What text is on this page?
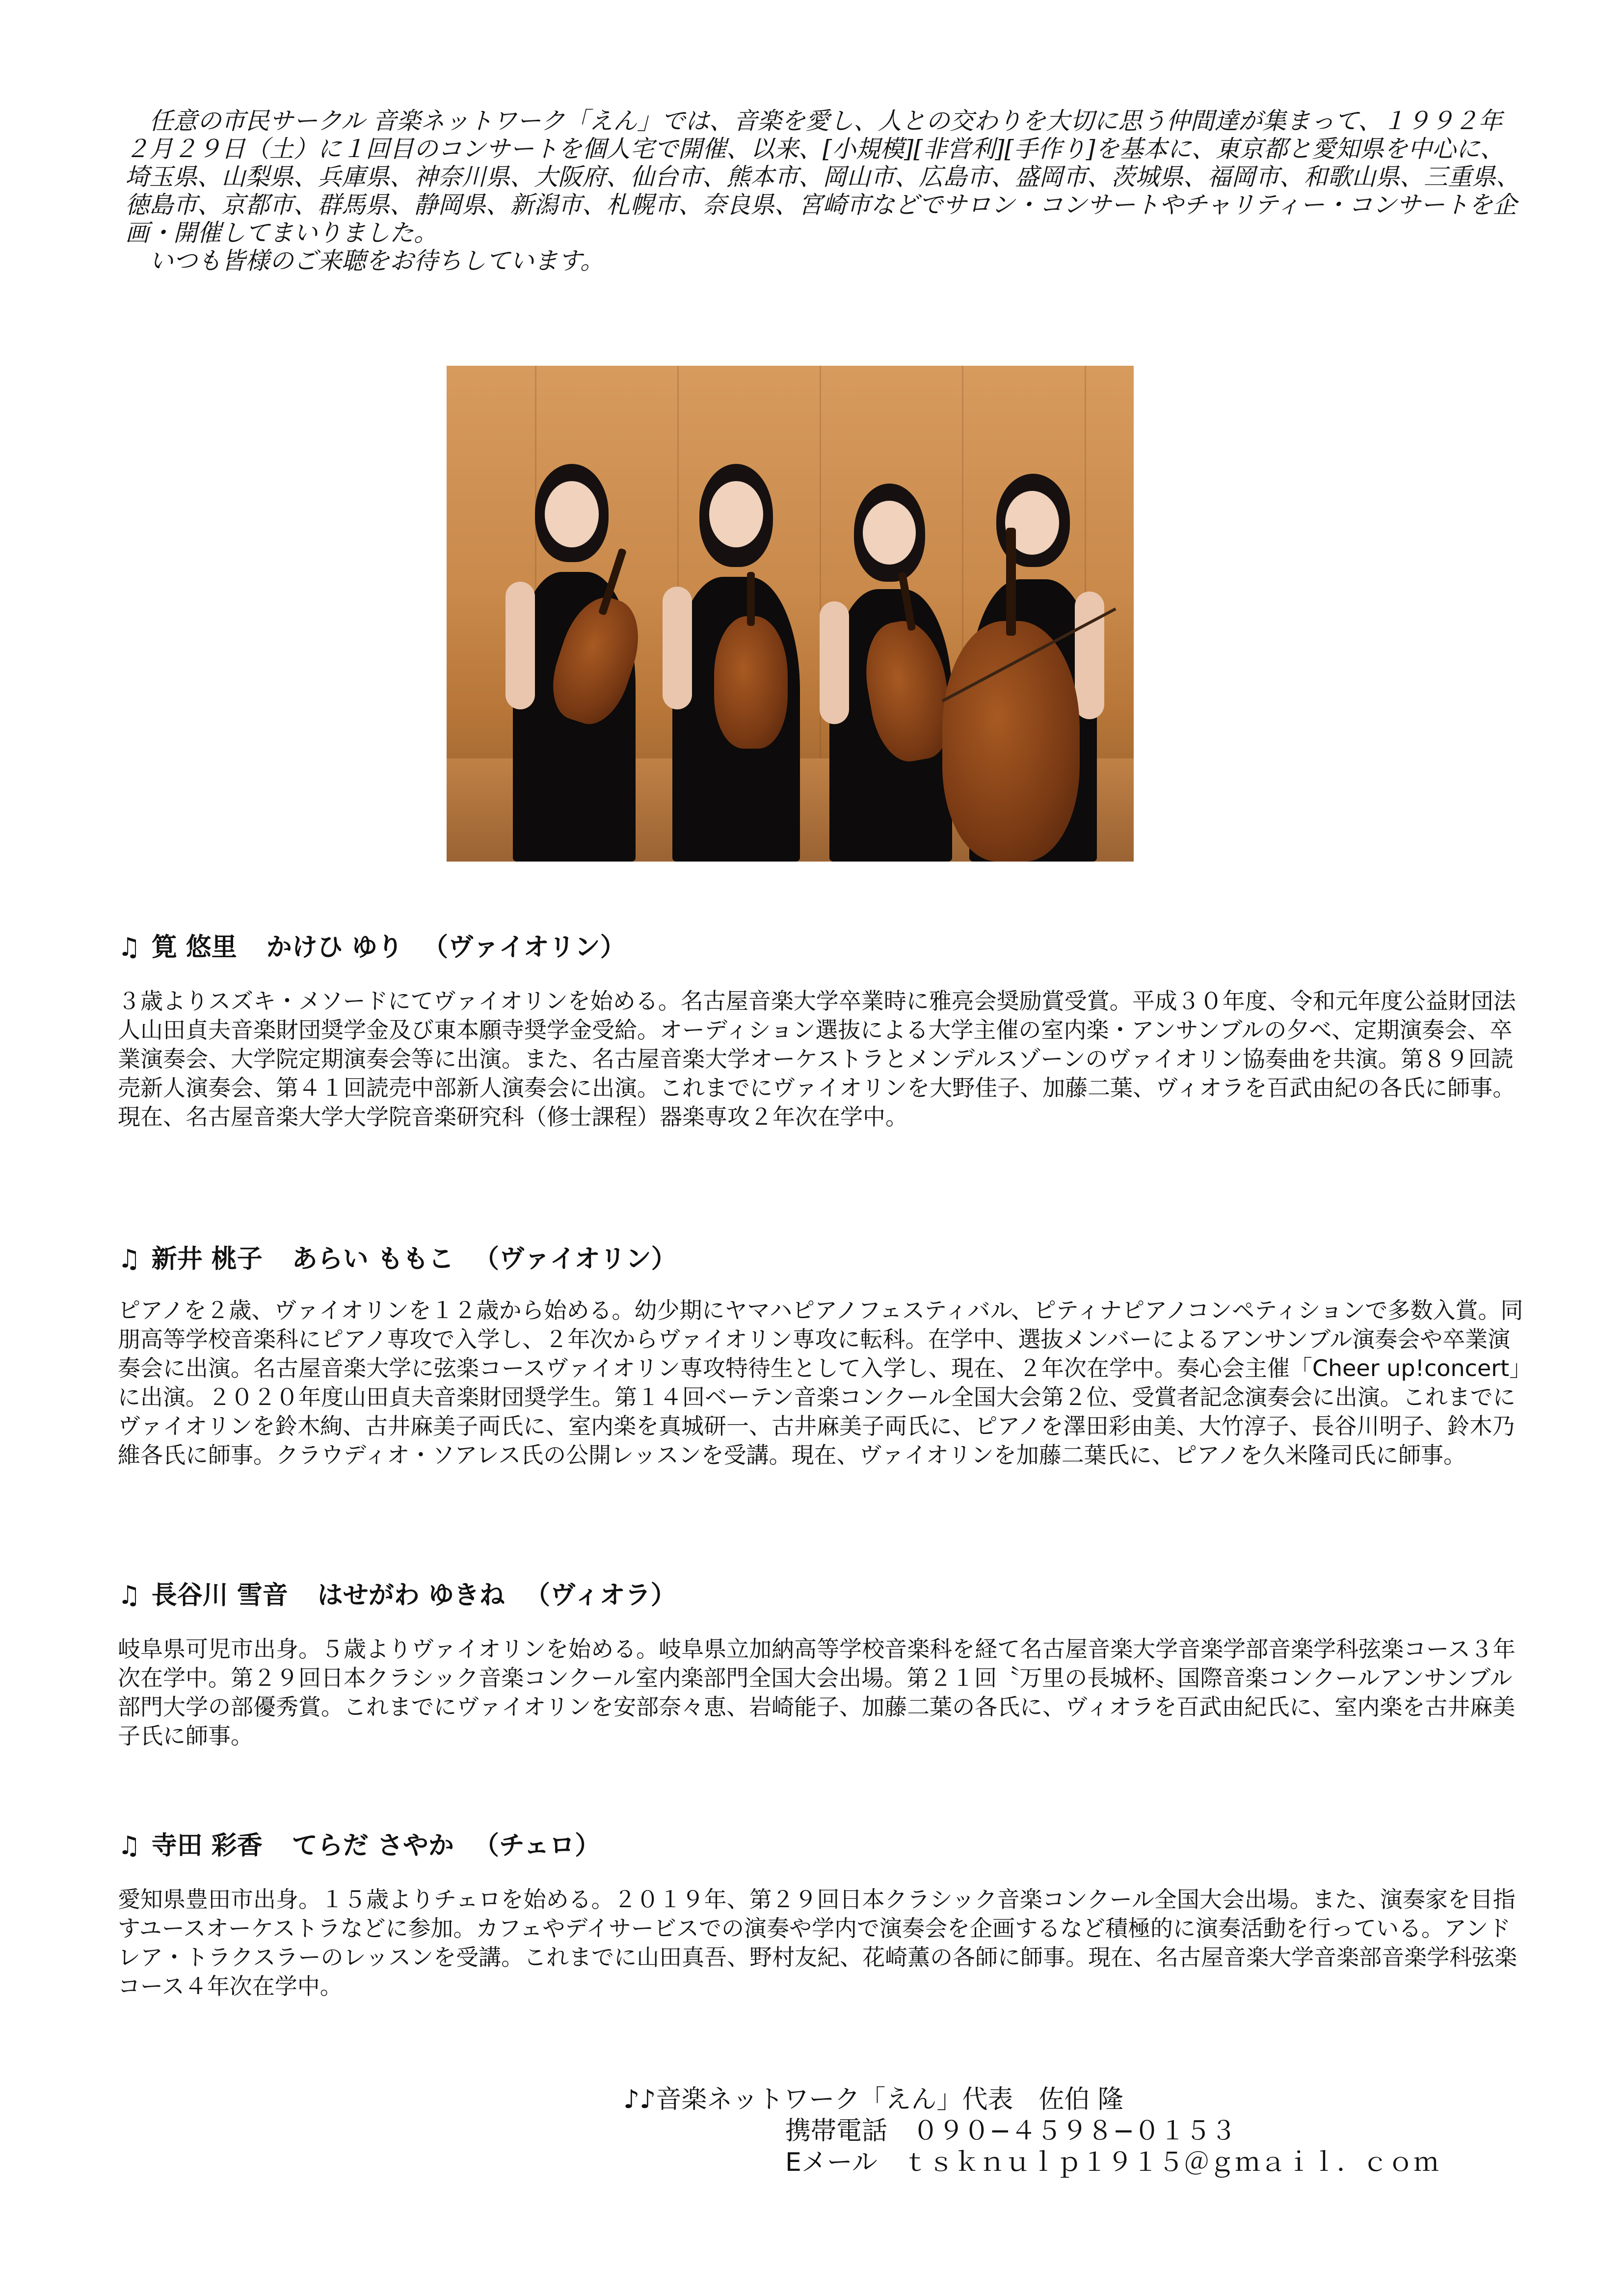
任意の市民サークル 音楽ネットワーク「えん」では、音楽を愛し、人との交わりを大切に思う仲間達が集まって、１９９２年２月２９日（土）に１回目のコンサートを個人宅で開催、以来、[小規模][非営利][手作り]を基本に、東京都と愛知県を中心に、埼玉県、山梨県、兵庫県、神奈川県、大阪府、仙台市、熊本市、岡山市、広島市、盛岡市、茨城県、福岡市、和歌山県、三重県、徳島市、京都市、群馬県、静岡県、新潟市、札幌市、奈良県、宮崎市などでサロン・コンサートやチャリティー・コンサートを企画・開催してまいりました。

いつも皆様のご来聴をお待ちしています。

♫ 筧 悠里 かけひ ゆり （ヴァイオリン）

３歳よりスズキ・メソードにてヴァイオリンを始める。名古屋音楽大学卒業時に雅亮会奨励賞受賞。平成３０年度、令和元年度公益財団法人山田貞夫音楽財団奨学金及び東本願寺奨学金受給。オーディション選抜による大学主催の室内楽・アンサンブルの夕べ、定期演奏会、卒業演奏会、大学院定期演奏会等に出演。また、名古屋音楽大学オーケストラとメンデルスゾーンのヴァイオリン協奏曲を共演。第８９回読売新人演奏会、第４１回読売中部新人演奏会に出演。これまでにヴァイオリンを大野佳子、加藤二葉、ヴィオラを百武由紀の各氏に師事。現在、名古屋音楽大学大学院音楽研究科（修士課程）器楽専攻２年次在学中。

♫ 新井 桃子 あらい ももこ （ヴァイオリン）

ピアノを２歳、ヴァイオリンを１２歳から始める。幼少期にヤマハピアノフェスティバル、ピティナピアノコンペティションで多数入賞。同朋高等学校音楽科にピアノ専攻で入学し、２年次からヴァイオリン専攻に転科。在学中、選抜メンバーによるアンサンブル演奏会や卒業演奏会に出演。名古屋音楽大学に弦楽コースヴァイオリン専攻特待生として入学し、現在、２年次在学中。奏心会主催「Cheer up!concert」に出演。２０２０年度山田貞夫音楽財団奨学生。第１４回ベーテン音楽コンクール全国大会第２位、受賞者記念演奏会に出演。これまでにヴァイオリンを鈴木絢、古井麻美子両氏に、室内楽を真城研一、古井麻美子両氏に、ピアノを澤田彩由美、大竹淳子、長谷川明子、鈴木乃維各氏に師事。クラウディオ・ソアレス氏の公開レッスンを受講。現在、ヴァイオリンを加藤二葉氏に、ピアノを久米隆司氏に師事。

♫ 長谷川 雪音 はせがわ ゆきね （ヴィオラ）

岐阜県可児市出身。５歳よりヴァイオリンを始める。岐阜県立加納高等学校音楽科を経て名古屋音楽大学音楽学部音楽学科弦楽コース３年次在学中。第２９回日本クラシック音楽コンクール室内楽部門全国大会出場。第２１回〝万里の長城杯〟国際音楽コンクールアンサンブル部門大学の部優秀賞。これまでにヴァイオリンを安部奈々恵、岩崎能子、加藤二葉の各氏に、ヴィオラを百武由紀氏に、室内楽を古井麻美子氏に師事。

♫ 寺田 彩香 てらだ さやか （チェロ）

愛知県豊田市出身。１５歳よりチェロを始める。２０１９年、第２９回日本クラシック音楽コンクール全国大会出場。また、演奏家を目指すユースオーケストラなどに参加。カフェやデイサービスでの演奏や学内で演奏会を企画するなど積極的に演奏活動を行っている。アンドレア・トラクスラーのレッスンを受講。これまでに山田真吾、野村友紀、花崎薫の各師に師事。現在、名古屋音楽大学音楽部音楽学科弦楽コース４年次在学中。

♪♪音楽ネットワーク「えん」代表　佐伯 隆
携帯電話　 ０９０−４５９８−０１５３
Eメール　 ｔｓｋｎｕｌｐ１９１５＠ｇｍａｉｌ．ｃｏｍ
